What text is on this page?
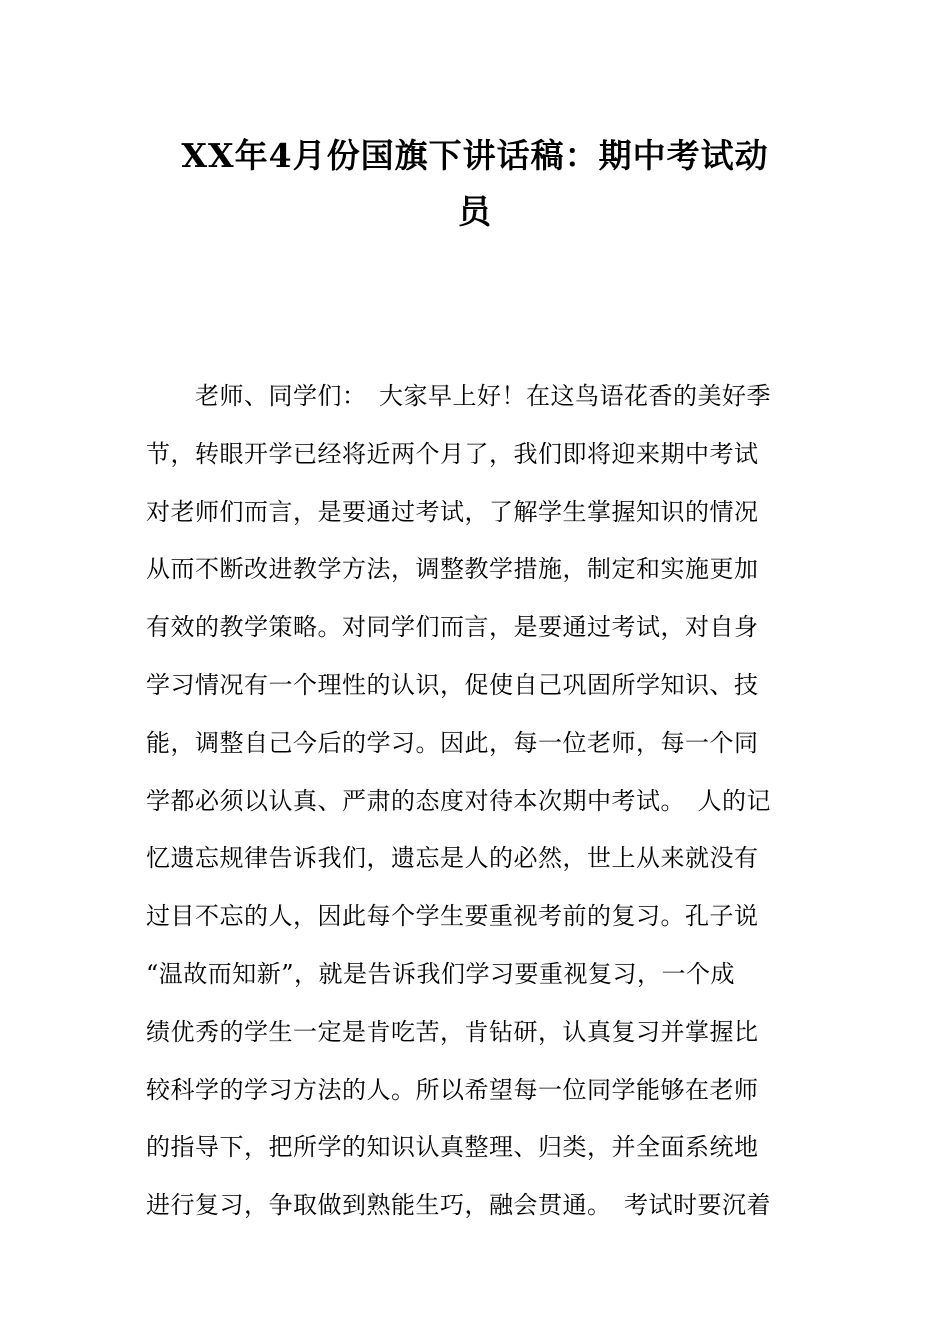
XX年4月份国旗下讲话稿：期中考试动
员
　　老师、同学们：　大家早上好！在这鸟语花香的美好季
节，转眼开学已经将近两个月了，我们即将迎来期中考试
对老师们而言，是要通过考试，了解学生掌握知识的情况
从而不断改进教学方法，调整教学措施，制定和实施更加
有效的教学策略。对同学们而言，是要通过考试，对自身
学习情况有一个理性的认识，促使自己巩固所学知识、技
能，调整自己今后的学习。因此，每一位老师，每一个同
学都必须以认真、严肃的态度对待本次期中考试。　人的记
忆遗忘规律告诉我们，遗忘是人的必然，世上从来就没有
过目不忘的人，因此每个学生要重视考前的复习。孔子说
“温故而知新”，就是告诉我们学习要重视复习，一个成
绩优秀的学生一定是肯吃苦，肯钻研，认真复习并掌握比
较科学的学习方法的人。所以希望每一位同学能够在老师
的指导下，把所学的知识认真整理、归类，并全面系统地
进行复习，争取做到熟能生巧，融会贯通。　考试时要沉着
